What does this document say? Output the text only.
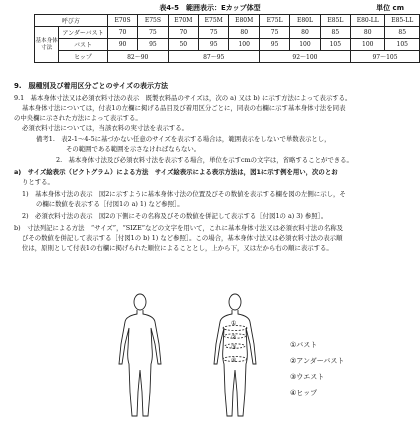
表4-5　範囲表示：Eカップ体型	単位 cm
呼び方		E70S	E75S	E70M	E75M	E80M	E75L	E80L	E85L	E80-LL	E85-LL
基本身体寸法	アンダーバスト	70	75	70	75	80	75	80	85	80	85
	バスト	90	95	50	95	100	95	100	105	100	105
	ヒップ	82〜90		87〜95			92〜100			97〜105	
9.　服種別及び着用区分ごとのサイズの表示方法
9.1　基本身体寸法又は必須衣料寸法の表示　既製衣料品のサイズは，次の a) 又は b) に示す方法によって表示する。
基本身体寸法については，付表1の左欄に掲げる品目及び着用区分ごとに，同表の右欄に示す基本身体寸法を同表
の中央欄に示された方法によって表示する。
必須衣料寸法については，当該衣料の実寸法を表示する。
備考1.　表2-1〜4-5に基づかない任意のサイズを表示する場合は，範囲表示をしないで単数表示とし，
その範囲である範囲を示さなければならない。
2.　基本身体寸法及び必須衣料寸法を表示する場合，単位を示すcmの文字は，省略することができる。
a)　サイズ絵表示（ピクトグラム）による方法　サイズ絵表示による表示方法は，図1に示す例を用い，次のとお
りとする。
1)　基本身体寸法の表示　図2に示すように基本身体寸法の位置及びその数値を表示する欄を図の左側に示し，そ
の欄に数値を表示する［付図1の a) 1) など参照］。
2)　必須衣料寸法の表示　図2の下側にその名称及びその数値を併記して表示する［付図1の a) 3) 参照］。
b)　寸法列記による方法　“サイズ”，“SIZE”などの文字を用いて，これに基本身体寸法又は必須衣料寸法の名称及
びその数値を併記して表示する［付図1の b) 1) など参照］。この場合，基本身体寸法又は必須衣料寸法の表示順
位は，原則として付表1の右欄に掲げられた順位によることとし，上から下，又は左から右の順に表示する。
①
②
③
④
①バスト
②アンダーバスト
③ウエスト
④ヒップ
